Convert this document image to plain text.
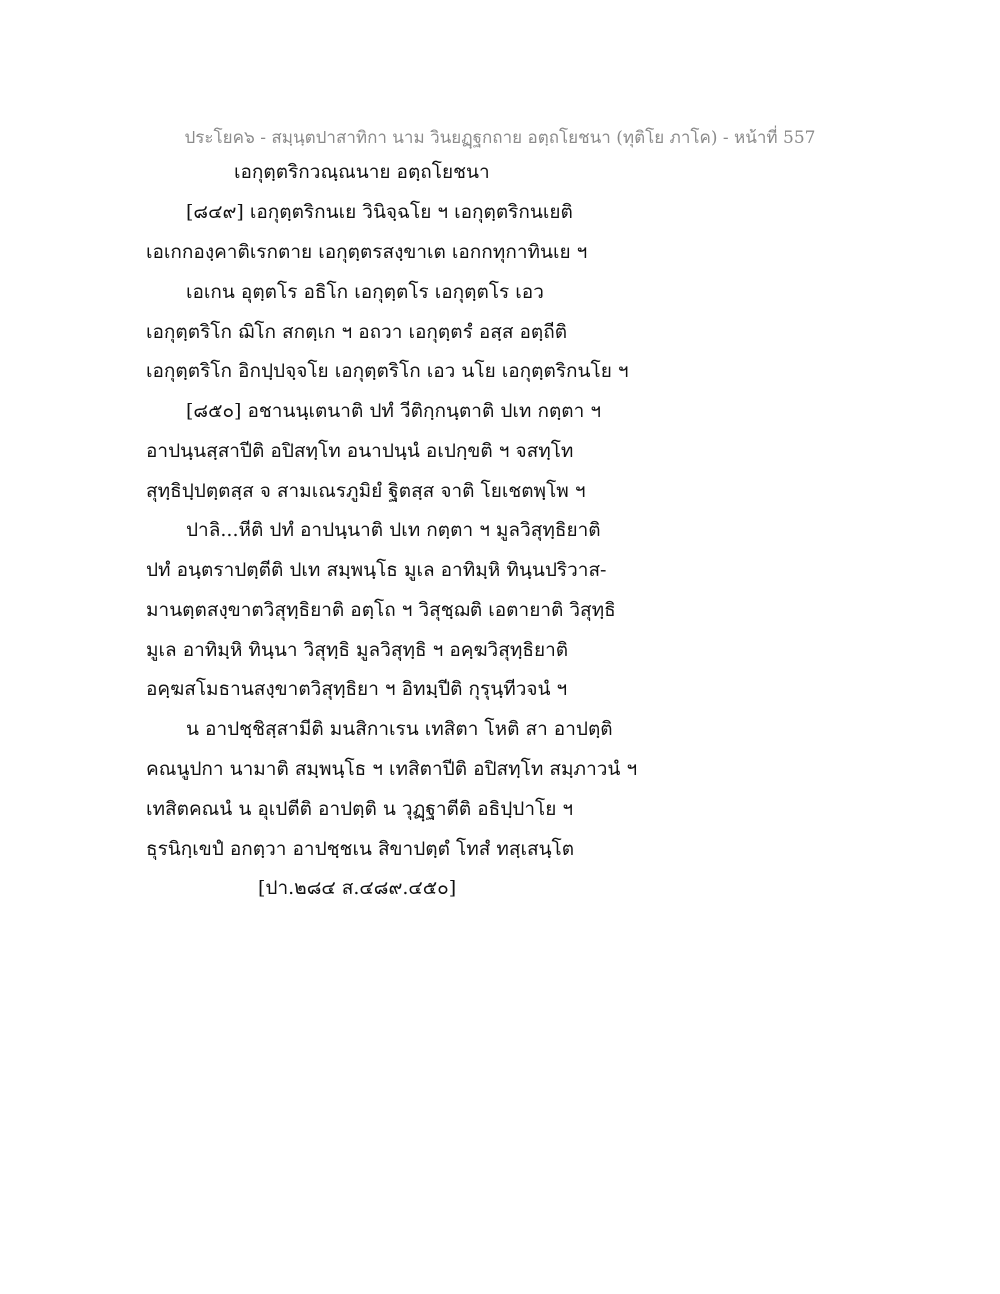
ประโยค๖ - สมฺนฺตปาสาทิกา นาม วินยฏฺฐกถาย อตฺถโยชนา (ทุติโย ภาโค) - หน้าที่ 557
เอกุตฺตริกวณฺณนาย อตฺถโยชนา
[๘๔๙] เอกุตฺตริกนเย วินิจฺฉโย ฯ เอกุตฺตริกนเยติ
เอเกกองฺคาติเรกตาย เอกุตฺตรสงฺขาเต เอกกทุกาทินเย ฯ
เอเกน อุตฺตโร อธิโก เอกุตฺตโร เอกุตฺตโร เอว
เอกุตฺตริโก ฌิโก สกตฺเก ฯ อถวา เอกุตฺตรํ อสฺส อตฺถีติ
เอกุตฺตริโก อิกปฺปจฺจโย เอกุตฺตริโก เอว นโย เอกุตฺตริกนโย ฯ
[๘๕๐] อชานนฺเตนาติ ปทํ วีติกฺกนฺตาติ ปเท กตฺตา ฯ
อาปนฺนสฺสาปีติ อปิสทฺโท อนาปนฺนํ อเปกฺขติ ฯ จสทฺโท
สุทฺธิปฺปตฺตสฺส จ สามเณรภูมิยํ ฐิตสฺส จาติ โยเชตพฺโพ ฯ
ปาลิ...หีติ ปทํ อาปนฺนาติ ปเท กตฺตา ฯ มูลวิสุทฺธิยาติ
ปทํ อนฺตราปตฺตีติ ปเท สมฺพนฺโธ มูเล อาทิมฺหิ ทินฺนปริวาส-
มานตฺตสงฺขาตวิสุทฺธิยาติ อตฺโถ ฯ วิสุชฺฌติ เอตายาติ วิสุทฺธิ
มูเล อาทิมฺหิ ทินฺนา วิสุทฺธิ มูลวิสุทฺธิ ฯ อคฺฆวิสุทฺธิยาติ
อคฺฆสโมธานสงฺขาตวิสุทฺธิยา ฯ อิทมฺปีติ กุรุนฺทีวจนํ ฯ
น อาปชฺชิสฺสามีติ มนสิกาเรน เทสิตา โหติ สา อาปตฺติ
คณนูปกา นามาติ สมฺพนฺโธ ฯ เทสิตาปีติ อปิสทฺโท สมฺภาวนํ ฯ
เทสิตคณนํ น อุเปตีติ อาปตฺติ น วุฏฺฐาตีติ อธิปฺปาโย ฯ
ธุรนิกฺเขปํ อกตฺวา อาปชฺชเน สิขาปตฺตํ โทสํ ทสฺเสนฺโต
[ปา.๒๘๔ ส.๔๘๙.๔๕๐]
